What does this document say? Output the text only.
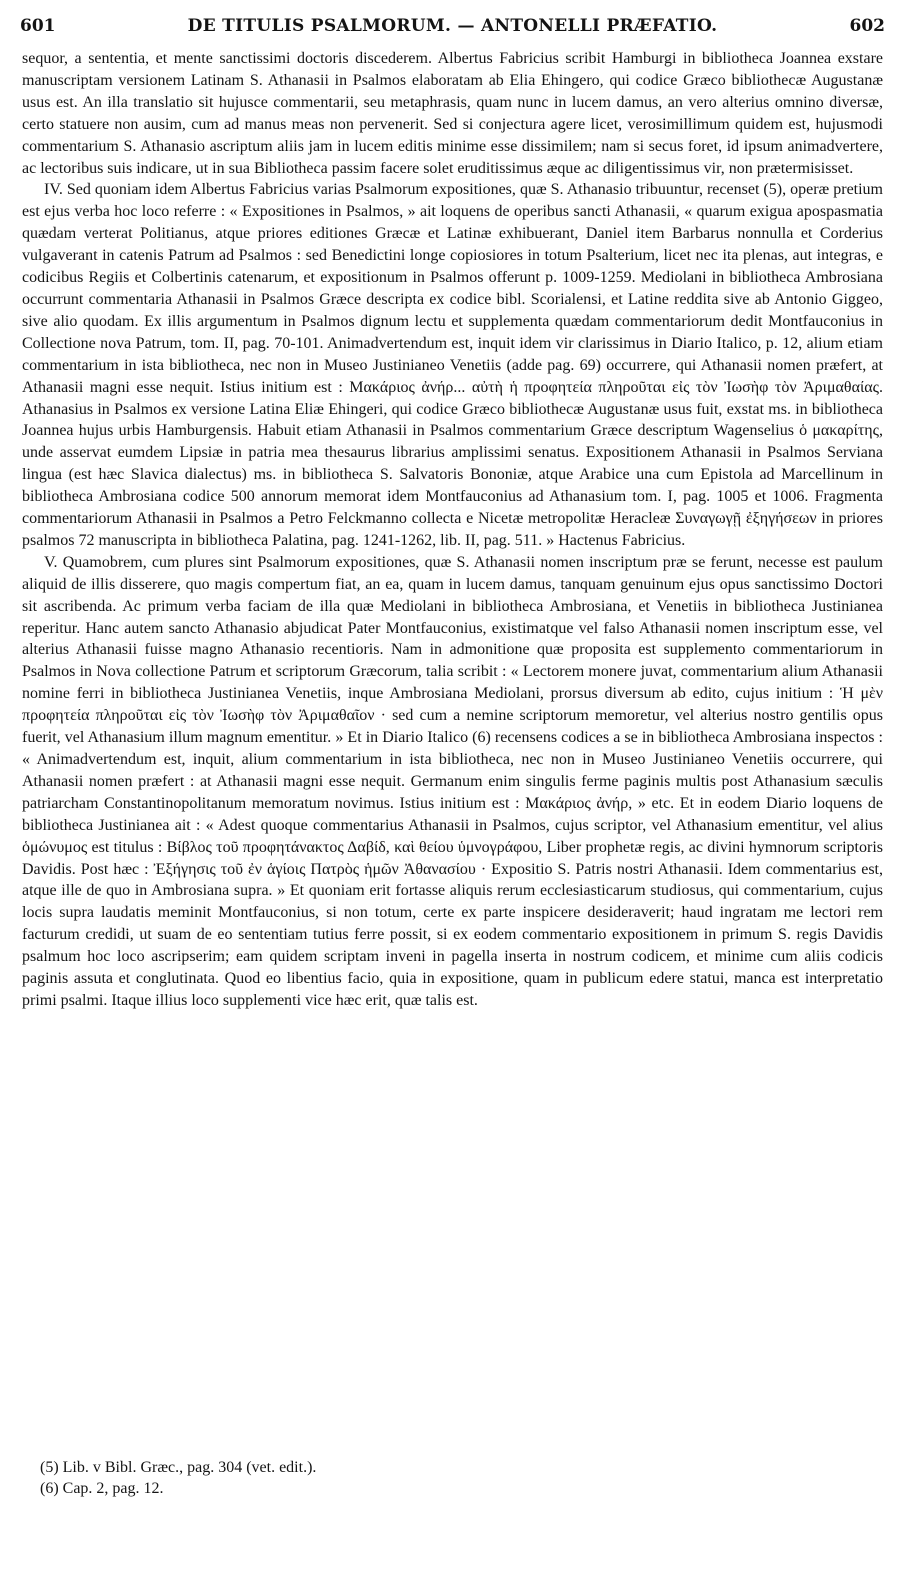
601	DE TITULIS PSALMORUM. — ANTONELLI PRÆFATIO.	602

sequor, a sententia, et mente sanctissimi doctoris discederem. Albertus Fabricius scribit Hamburgi in bibliotheca Joannea exstare manuscriptam versionem Latinam S. Athanasii in Psalmos elaboratam ab Elia Ehingero, qui codice Græco bibliothecæ Augustanæ usus est. An illa translatio sit hujusce commentarii, seu metaphrasis, quam nunc in lucem damus, an vero alterius omnino diversæ, certo statuere non ausim, cum ad manus meas non pervenerit. Sed si conjectura agere licet, verosimillimum quidem est, hujusmodi commentarium S. Athanasio ascriptum aliis jam in lucem editis minime esse dissimilem; nam si secus foret, id ipsum animadvertere, ac lectoribus suis indicare, ut in sua Bibliotheca passim facere solet eruditissimus æque ac diligentissimus vir, non prætermisisset.

IV. Sed quoniam idem Albertus Fabricius varias Psalmorum expositiones, quæ S. Athanasio tribuuntur, recenset (5), operæ pretium est ejus verba hoc loco referre : « Expositiones in Psalmos, » ait loquens de operibus sancti Athanasii, « quarum exigua apospasmatia quædam verterat Politianus, atque priores editiones Græcæ et Latinæ exhibuerant, Daniel item Barbarus nonnulla et Corderius vulgaverant in catenis Patrum ad Psalmos : sed Benedictini longe copiosiores in totum Psalterium, licet nec ita plenas, aut integras, e codicibus Regiis et Colbertinis catenarum, et expositionum in Psalmos offerunt p. 1009-1259. Mediolani in bibliotheca Ambrosiana occurrunt commentaria Athanasii in Psalmos Græce descripta ex codice bibl. Scorialensi, et Latine reddita sive ab Antonio Giggeo, sive alio quodam. Ex illis argumentum in Psalmos dignum lectu et supplementa quædam commentariorum dedit Montfauconius in Collectione nova Patrum, tom. II, pag. 70-101. Animadvertendum est, inquit idem vir clarissimus in Diario Italico, p. 12, alium etiam commentarium in ista bibliotheca, nec non in Museo Justinianeo Venetiis (adde pag. 69) occurrere, qui Athanasii nomen præfert, at Athanasii magni esse nequit. Istius initium est : Μακάριος ἀνήρ... αὐτὴ ἡ προφητεία πληροῦται εἰς τὸν Ἰωσὴφ τὸν Ἀριμαθαίας. Athanasius in Psalmos ex versione Latina Eliæ Ehingeri, qui codice Græco bibliothecæ Augustanæ usus fuit, exstat ms. in bibliotheca Joannea hujus urbis Hamburgensis. Habuit etiam Athanasii in Psalmos commentarium Græce descriptum Wagenselius ὁ μακαρίτης, unde asservat eumdem Lipsiæ in patria mea thesaurus librarius amplissimi senatus. Expositionem Athanasii in Psalmos Serviana lingua (est hæc Slavica dialectus) ms. in bibliotheca S. Salvatoris Bononiæ, atque Arabice una cum Epistola ad Marcellinum in bibliotheca Ambrosiana codice 500 annorum memorat idem Montfauconius ad Athanasium tom. I, pag. 1005 et 1006. Fragmenta commentariorum Athanasii in Psalmos a Petro Felckmanno collecta e Nicetæ metropolitæ Heracleæ Συναγωγῇ ἐξηγήσεων in priores psalmos 72 manuscripta in bibliotheca Palatina, pag. 1241-1262, lib. II, pag. 511. » Hactenus Fabricius.

V. Quamobrem, cum plures sint Psalmorum expositiones, quæ S. Athanasii nomen inscriptum præ se ferunt, necesse est paulum aliquid de illis disserere, quo magis compertum fiat, an ea, quam in lucem damus, tanquam genuinum ejus opus sanctissimo Doctori sit ascribenda. Ac primum verba faciam de illa quæ Mediolani in bibliotheca Ambrosiana, et Venetiis in bibliotheca Justinianea reperitur. Hanc autem sancto Athanasio abjudicat Pater Montfauconius, existimatque vel falso Athanasii nomen inscriptum esse, vel alterius Athanasii fuisse magno Athanasio recentioris. Nam in admonitione quæ proposita est supplemento commentariorum in Psalmos in Nova collectione Patrum et scriptorum Græcorum, talia scribit : « Lectorem monere juvat, commentarium alium Athanasii nomine ferri in bibliotheca Justinianea Venetiis, inque Ambrosiana Mediolani, prorsus diversum ab edito, cujus initium : Ἡ μὲν προφητεία πληροῦται εἰς τὸν Ἰωσὴφ τὸν Ἀριμαθαῖον · sed cum a nemine scriptorum memoretur, vel alterius nostro gentilis opus fuerit, vel Athanasium illum magnum ementitur. » Et in Diario Italico (6) recensens codices a se in bibliotheca Ambrosiana inspectos : « Animadvertendum est, inquit, alium commentarium in ista bibliotheca, nec non in Museo Justinianeo Venetiis occurrere, qui Athanasii nomen præfert : at Athanasii magni esse nequit. Germanum enim singulis ferme paginis multis post Athanasium sæculis patriarcham Constantinopolitanum memoratum novimus. Istius initium est : Μακάριος ἀνήρ, » etc. Et in eodem Diario loquens de bibliotheca Justinianea ait : « Adest quoque commentarius Athanasii in Psalmos, cujus scriptor, vel Athanasium ementitur, vel alius ὁμώνυμος est titulus : Βίβλος τοῦ προφητάνακτος Δαβίδ, καὶ θείου ὑμνογράφου, Liber prophetæ regis, ac divini hymnorum scriptoris Davidis. Post hæc : Ἐξήγησις τοῦ ἐν ἁγίοις Πατρὸς ἡμῶν Ἀθανασίου · Expositio S. Patris nostri Athanasii. Idem commentarius est, atque ille de quo in Ambrosiana supra. » Et quoniam erit fortasse aliquis rerum ecclesiasticarum studiosus, qui commentarium, cujus locis supra laudatis meminit Montfauconius, si non totum, certe ex parte inspicere desideraverit; haud ingratam me lectori rem facturum credidi, ut suam de eo sententiam tutius ferre possit, si ex eodem commentario expositionem in primum S. regis Davidis psalmum hoc loco ascripserim; eam quidem scriptam inveni in pagella inserta in nostrum codicem, et minime cum aliis codicis paginis assuta et conglutinata. Quod eo libentius facio, quia in expositione, quam in publicum edere statui, manca est interpretatio primi psalmi. Itaque illius loco supplementi vice hæc erit, quæ talis est.

(5) Lib. v Bibl. Græc., pag. 304 (vet. edit.).
(6) Cap. 2, pag. 12.
